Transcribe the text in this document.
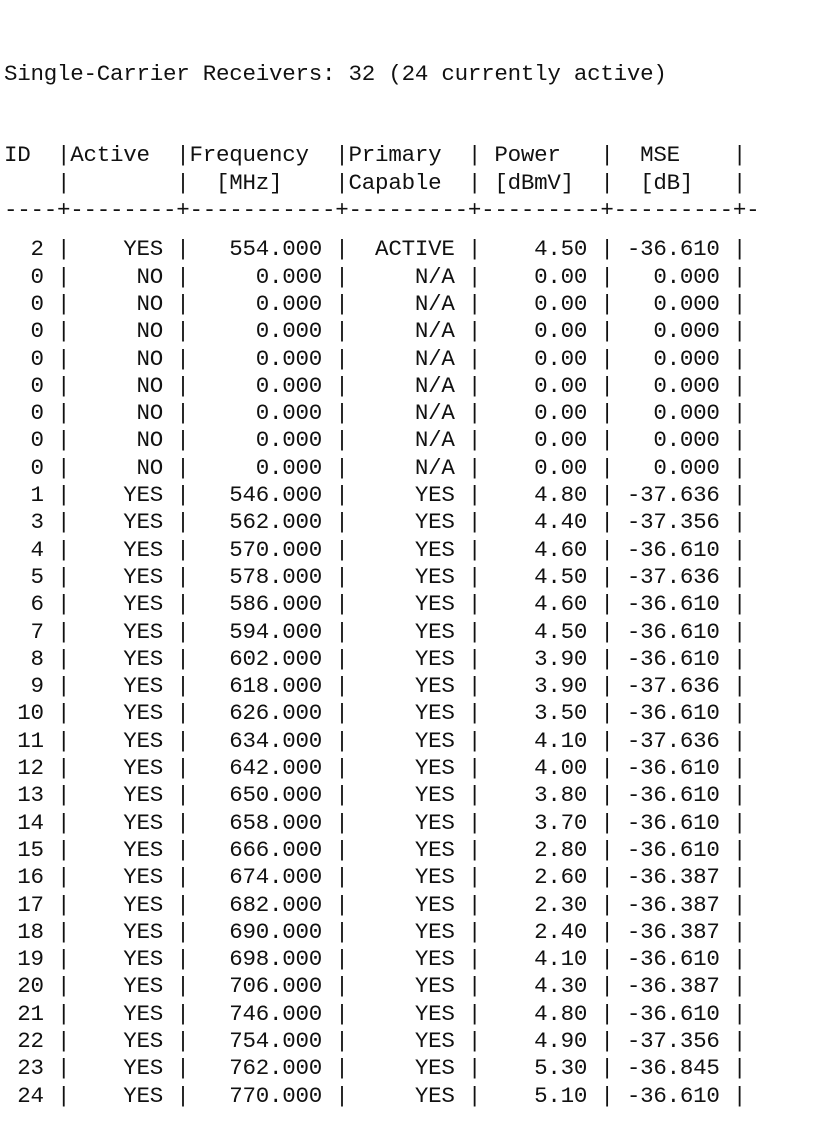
Single-Carrier Receivers: 32 (24 currently active)

ID  |Active  |Frequency  |Primary  | Power   |  MSE    |
|        |  [MHz]    |Capable  | [dBmV]  |  [dB]   |
----+--------+-----------+---------+---------+---------+-
2 |    YES |   554.000 |  ACTIVE |    4.50 | -36.610 |
0 |     NO |     0.000 |     N/A |    0.00 |   0.000 |
0 |     NO |     0.000 |     N/A |    0.00 |   0.000 |
0 |     NO |     0.000 |     N/A |    0.00 |   0.000 |
0 |     NO |     0.000 |     N/A |    0.00 |   0.000 |
0 |     NO |     0.000 |     N/A |    0.00 |   0.000 |
0 |     NO |     0.000 |     N/A |    0.00 |   0.000 |
0 |     NO |     0.000 |     N/A |    0.00 |   0.000 |
0 |     NO |     0.000 |     N/A |    0.00 |   0.000 |
1 |    YES |   546.000 |     YES |    4.80 | -37.636 |
3 |    YES |   562.000 |     YES |    4.40 | -37.356 |
4 |    YES |   570.000 |     YES |    4.60 | -36.610 |
5 |    YES |   578.000 |     YES |    4.50 | -37.636 |
6 |    YES |   586.000 |     YES |    4.60 | -36.610 |
7 |    YES |   594.000 |     YES |    4.50 | -36.610 |
8 |    YES |   602.000 |     YES |    3.90 | -36.610 |
9 |    YES |   618.000 |     YES |    3.90 | -37.636 |
10 |    YES |   626.000 |     YES |    3.50 | -36.610 |
11 |    YES |   634.000 |     YES |    4.10 | -37.636 |
12 |    YES |   642.000 |     YES |    4.00 | -36.610 |
13 |    YES |   650.000 |     YES |    3.80 | -36.610 |
14 |    YES |   658.000 |     YES |    3.70 | -36.610 |
15 |    YES |   666.000 |     YES |    2.80 | -36.610 |
16 |    YES |   674.000 |     YES |    2.60 | -36.387 |
17 |    YES |   682.000 |     YES |    2.30 | -36.387 |
18 |    YES |   690.000 |     YES |    2.40 | -36.387 |
19 |    YES |   698.000 |     YES |    4.10 | -36.610 |
20 |    YES |   706.000 |     YES |    4.30 | -36.387 |
21 |    YES |   746.000 |     YES |    4.80 | -36.610 |
22 |    YES |   754.000 |     YES |    4.90 | -37.356 |
23 |    YES |   762.000 |     YES |    5.30 | -36.845 |
24 |    YES |   770.000 |     YES |    5.10 | -36.610 |
